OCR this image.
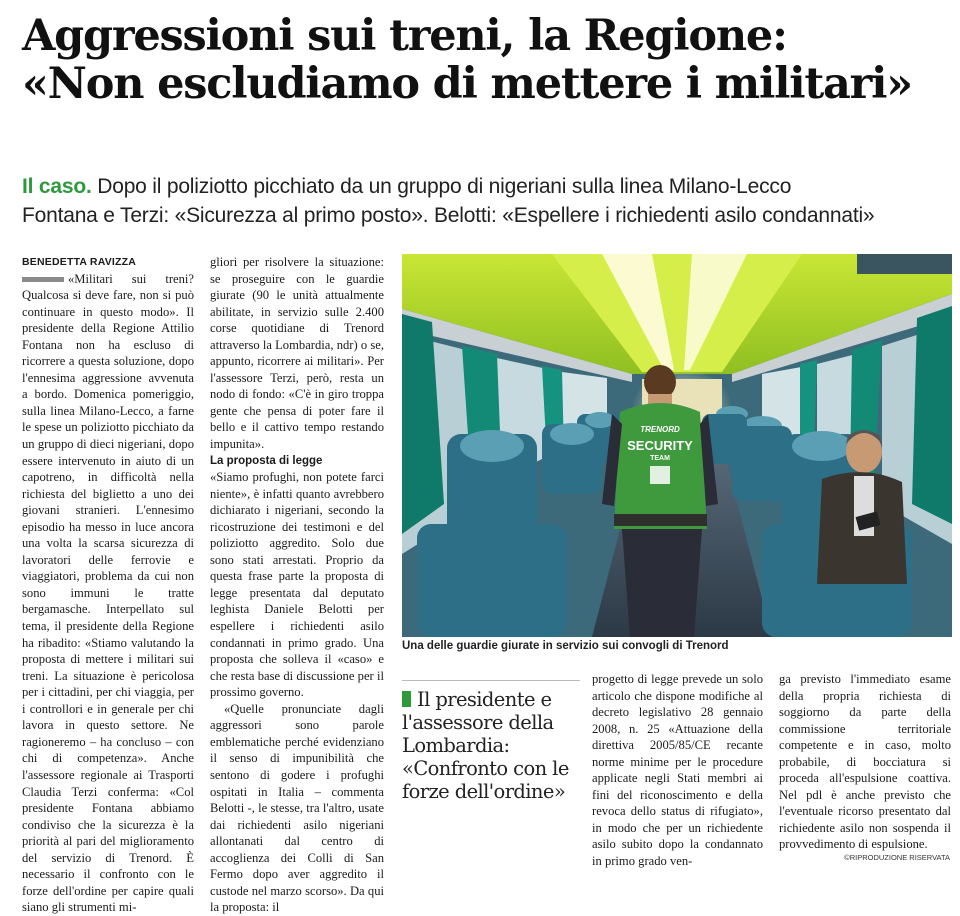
Aggressioni sui treni, la Regione:
«Non escludiamo di mettere i militari»
Il caso. Dopo il poliziotto picchiato da un gruppo di nigeriani sulla linea Milano-Lecco
Fontana e Terzi: «Sicurezza al primo posto». Belotti: «Espellere i richiedenti asilo condannati»

BENEDETTA RAVIZZA

«Militari sui treni? Qualcosa si deve fare, non si può continuare in questo modo». Il presidente della Regione Attilio Fontana non ha escluso di ricorrere a questa soluzione, dopo l'ennesima aggressione avvenuta a bordo. Domenica pomeriggio, sulla linea Milano-Lecco, a farne le spese un poliziotto picchiato da un gruppo di dieci nigeriani, dopo essere intervenuto in aiuto di un capotreno, in difficoltà nella richiesta del biglietto a uno dei giovani stranieri. L'ennesimo episodio ha messo in luce ancora una volta la scarsa sicurezza di lavoratori delle ferrovie e viaggiatori, problema da cui non sono immuni le tratte bergamasche. Interpellato sul tema, il presidente della Regione ha ribadito: «Stiamo valutando la proposta di mettere i militari sui treni. La situazione è pericolosa per i cittadini, per chi viaggia, per i controllori e in generale per chi lavora in questo settore. Ne ragioneremo – ha concluso – con chi di competenza». Anche l'assessore regionale ai Trasporti Claudia Terzi conferma: «Col presidente Fontana abbiamo condiviso che la sicurezza è la priorità al pari del miglioramento del servizio di Trenord. È necessario il confronto con le forze dell'ordine per capire quali siano gli strumenti mi-

gliori per risolvere la situazione: se proseguire con le guardie giurate (90 le unità attualmente abilitate, in servizio sulle 2.400 corse quotidiane di Trenord attraverso la Lombardia, ndr) o se, appunto, ricorrere ai militari». Per l'assessore Terzi, però, resta un nodo di fondo: «C'è in giro troppa gente che pensa di poter fare il bello e il cattivo tempo restando impunita».

La proposta di legge

«Siamo profughi, non potete farci niente», è infatti quanto avrebbero dichiarato i nigeriani, secondo la ricostruzione dei testimoni e del poliziotto aggredito. Solo due sono stati arrestati. Proprio da questa frase parte la proposta di legge presentata dal deputato leghista Daniele Belotti per espellere i richiedenti asilo condannati in primo grado. Una proposta che solleva il «caso» e che resta base di discussione per il prossimo governo.

«Quelle pronunciate dagli aggressori sono parole emblematiche perché evidenziano il senso di impunibilità che sentono di godere i profughi ospitati in Italia – commenta Belotti -, le stesse, tra l'altro, usate dai richiedenti asilo nigeriani allontanati dal centro di accoglienza dei Colli di San Fermo dopo aver aggredito il custode nel marzo scorso». Da qui la proposta: il

TRENORD
SECURITY
TEAM
Una delle guardie giurate in servizio sui convogli di Trenord
Il presidente e l'assessore della Lombardia: «Confronto con le forze dell'ordine»

progetto di legge prevede un solo articolo che dispone modifiche al decreto legislativo 28 gennaio 2008, n. 25 «Attuazione della direttiva 2005/85/CE recante norme minime per le procedure applicate negli Stati membri ai fini del riconoscimento e della revoca dello status di rifugiato», in modo che per un richiedente asilo subito dopo la condannato in primo grado ven-

ga previsto l'immediato esame della propria richiesta di soggiorno da parte della commissione territoriale competente e in caso, molto probabile, di bocciatura si proceda all'espulsione coattiva. Nel pdl è anche previsto che l'eventuale ricorso presentato dal richiedente asilo non sospenda il provvedimento di espulsione.

©RIPRODUZIONE RISERVATA
